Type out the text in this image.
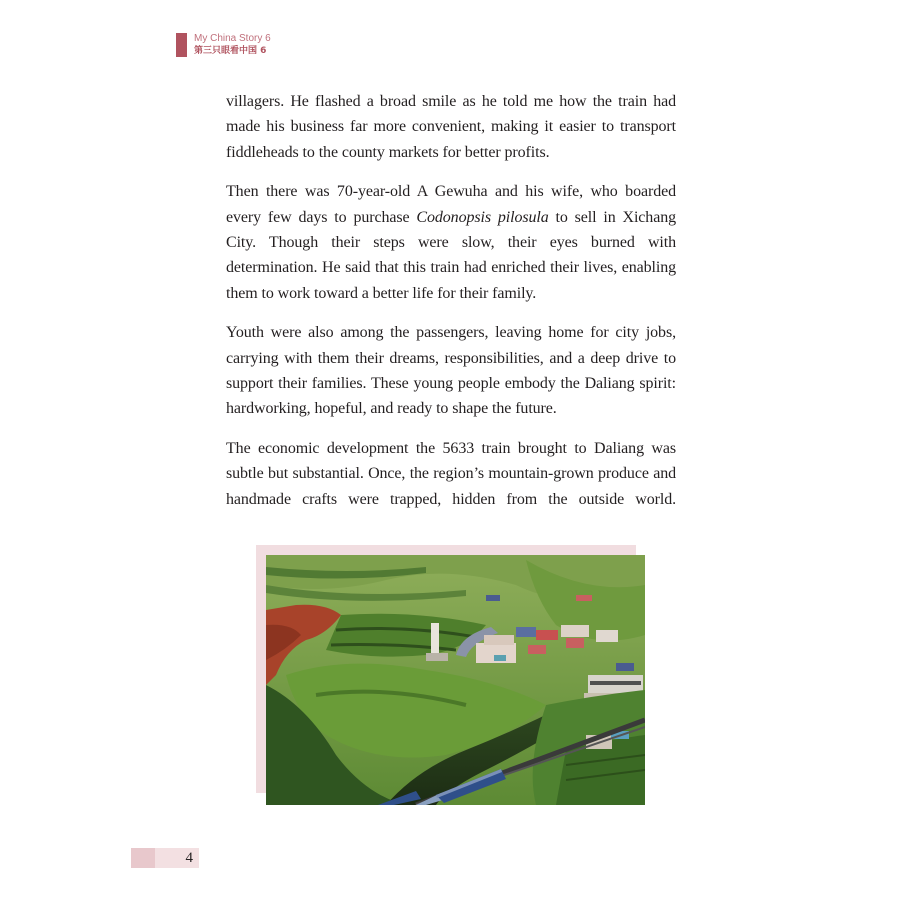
My China Story 6
第三只眼看中国 6

villagers. He flashed a broad smile as he told me how the train had made his business far more convenient, making it easier to transport fiddleheads to the county markets for better profits.

Then there was 70-year-old A Gewuha and his wife, who boarded every few days to purchase Codonopsis pilosula to sell in Xichang City. Though their steps were slow, their eyes burned with determination. He said that this train had enriched their lives, enabling them to work toward a better life for their family.

Youth were also among the passengers, leaving home for city jobs, carrying with them their dreams, responsibilities, and a deep drive to support their families. These young people embody the Daliang spirit: hardworking, hopeful, and ready to shape the future.

The economic development the 5633 train brought to Daliang was subtle but substantial. Once, the region’s mountain-grown produce and handmade crafts were trapped, hidden from the outside world.

4
